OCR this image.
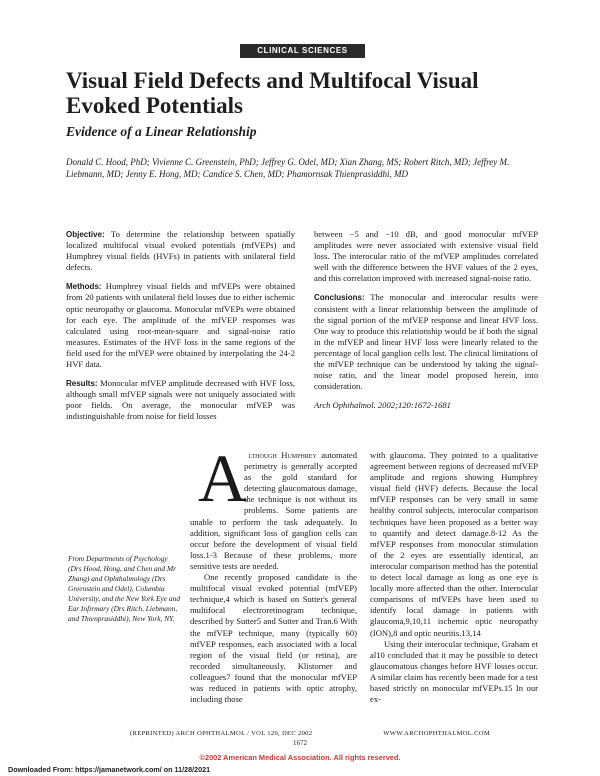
CLINICAL SCIENCES
Visual Field Defects and Multifocal Visual Evoked Potentials
Evidence of a Linear Relationship
Donald C. Hood, PhD; Vivienne C. Greenstein, PhD; Jeffrey G. Odel, MD; Xian Zhang, MS; Robert Ritch, MD; Jeffrey M. Liebmann, MD; Jenny E. Hong, MD; Candice S. Chen, MD; Phamornsak Thienprasiddhi, MD

Objective: To determine the relationship between spatially localized multifocal visual evoked potentials (mfVEPs) and Humphrey visual fields (HVFs) in patients with unilateral field defects.

Methods: Humphrey visual fields and mfVEPs were obtained from 20 patients with unilateral field losses due to either ischemic optic neuropathy or glaucoma. Monocular mfVEPs were obtained for each eye. The amplitude of the mfVEP responses was calculated using root-mean-square and signal-noise ratio measures. Estimates of the HVF loss in the same regions of the field used for the mfVEP were obtained by interpolating the 24-2 HVF data.

Results: Monocular mfVEP amplitude decreased with HVF loss, although small mfVEP signals were not uniquely associated with poor fields. On average, the monocular mfVEP was indistinguishable from noise for field losses

between −5 and −10 dB, and good monocular mfVEP amplitudes were never associated with extensive visual field loss. The interocular ratio of the mfVEP amplitudes correlated well with the difference between the HVF values of the 2 eyes, and this correlation improved with increased signal-noise ratio.

Conclusions: The monocular and interocular results were consistent with a linear relationship between the amplitude of the signal portion of the mfVEP response and linear HVF loss. One way to produce this relationship would be if both the signal in the mfVEP and linear HVF loss were linearly related to the percentage of local ganglion cells lost. The clinical limitations of the mfVEP technique can be understood by taking the signal-noise ratio, and the linear model proposed herein, into consideration.

Arch Ophthalmol. 2002;120:1672-1681

A lthough Humphrey automated perimetry is generally accepted as the gold standard for detecting glaucomatous damage, the technique is not without its problems. Some patients are unable to perform the task adequately. In addition, significant loss of ganglion cells can occur before the development of visual field loss.1-3 Because of these problems, more sensitive tests are needed.

One recently proposed candidate is the multifocal visual evoked potential (mfVEP) technique,4 which is based on Sutter's general multifocal electroretinogram technique, described by Sutter5 and Sutter and Tran.6 With the mfVEP technique, many (typically 60) mfVEP responses, each associated with a local region of the visual field (or retina), are recorded simultaneously. Klistorner and colleagues7 found that the monocular mfVEP was reduced in patients with optic atrophy, including those

with glaucoma. They pointed to a qualitative agreement between regions of decreased mfVEP amplitude and regions showing Humphrey visual field (HVF) defects. Because the local mfVEP responses can be very small in some healthy control subjects, interocular comparison techniques have been proposed as a better way to quantify and detect damage.8-12 As the mfVEP responses from monocular stimulation of the 2 eyes are essentially identical, an interocular comparison method has the potential to detect local damage as long as one eye is locally more affected than the other. Interocular comparisons of mfVEPs have been used to identify local damage in patients with glaucoma,9,10,11 ischemic optic neuropathy (ION),8 and optic neuritis.13,14

Using their interocular technique, Graham et al10 concluded that it may be possible to detect glaucomatous changes before HVF losses occur. A similar claim has recently been made for a test based strictly on monocular mfVEPs.15 In our ex-

From Departments of Psychology (Drs Hood, Hong, and Chen and Mr Zhang) and Ophthalmology (Drs Greenstein and Odel), Columbia University, and the New York Eye and Ear Infirmary (Drs Ritch, Liebmann, and Thienprasiddhi), New York, NY.
(REPRINTED) ARCH OPHTHALMOL / VOL 120, DEC 2002	WWW.ARCHOPHTHALMOL.COM
1672
©2002 American Medical Association. All rights reserved.
Downloaded From: https://jamanetwork.com/ on 11/28/2021
